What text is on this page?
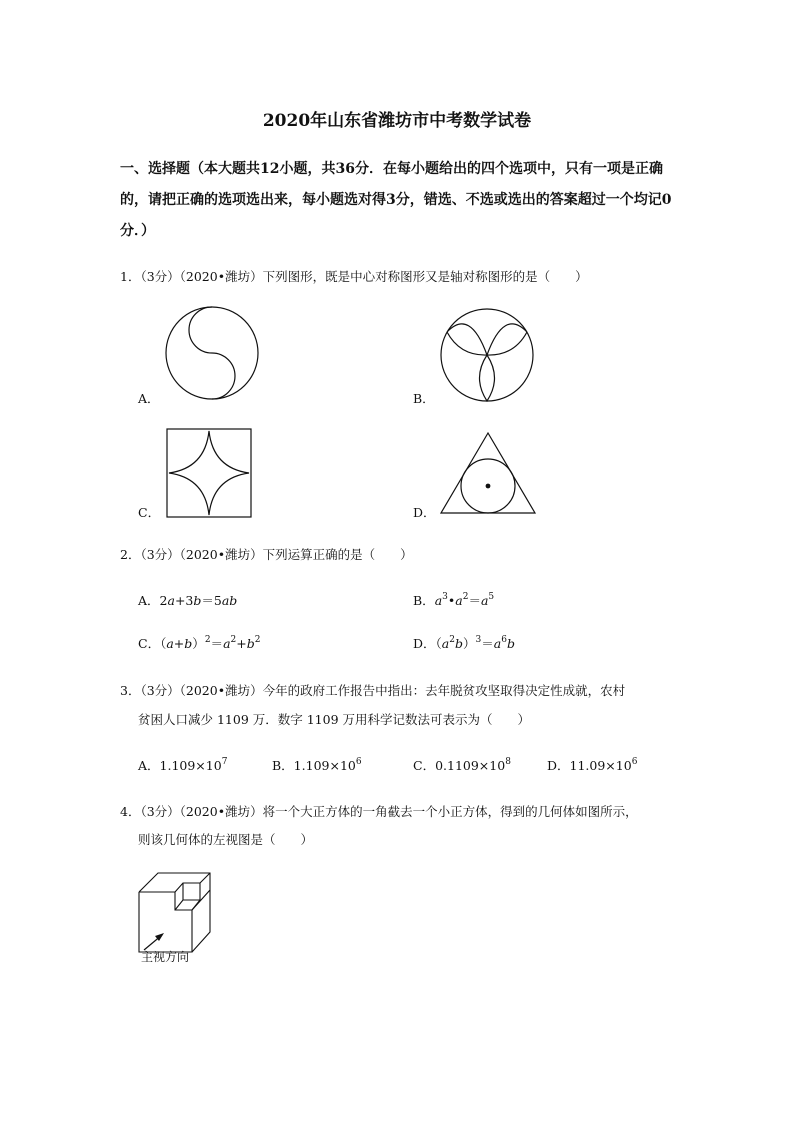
2020年山东省潍坊市中考数学试卷
一、选择题（本大题共12小题，共36分．在每小题给出的四个选项中，只有一项是正确的，请把正确的选项选出来，每小题选对得3分，错选、不选或选出的答案超过一个均记0分．）
1．（3分）（2020•潍坊）下列图形，既是中心对称图形又是轴对称图形的是（　　）
A．	B．
C．	D．
2．（3分）（2020•潍坊）下列运算正确的是（　　）
A．2a+3b＝5ab	B．$a^3•a^2=a^5$
C．$(a+b)^2=a^2+b^2$	D．$(a^2b)^3=a^6b$
3．（3分）（2020•潍坊）今年的政府工作报告中指出：去年脱贫攻坚取得决定性成就，农村
贫困人口减少 1109 万．数字 1109 万用科学记数法可表示为（　　）
A．$1.109\times 10^7$	B．$1.109\times 10^6$	C．$0.1109\times 10^8$	D．$11.09\times 10^6$
4．（3分）（2020•潍坊）将一个大正方体的一角截去一个小正方体，得到的几何体如图所示，
则该几何体的左视图是（　　）
主视方向
